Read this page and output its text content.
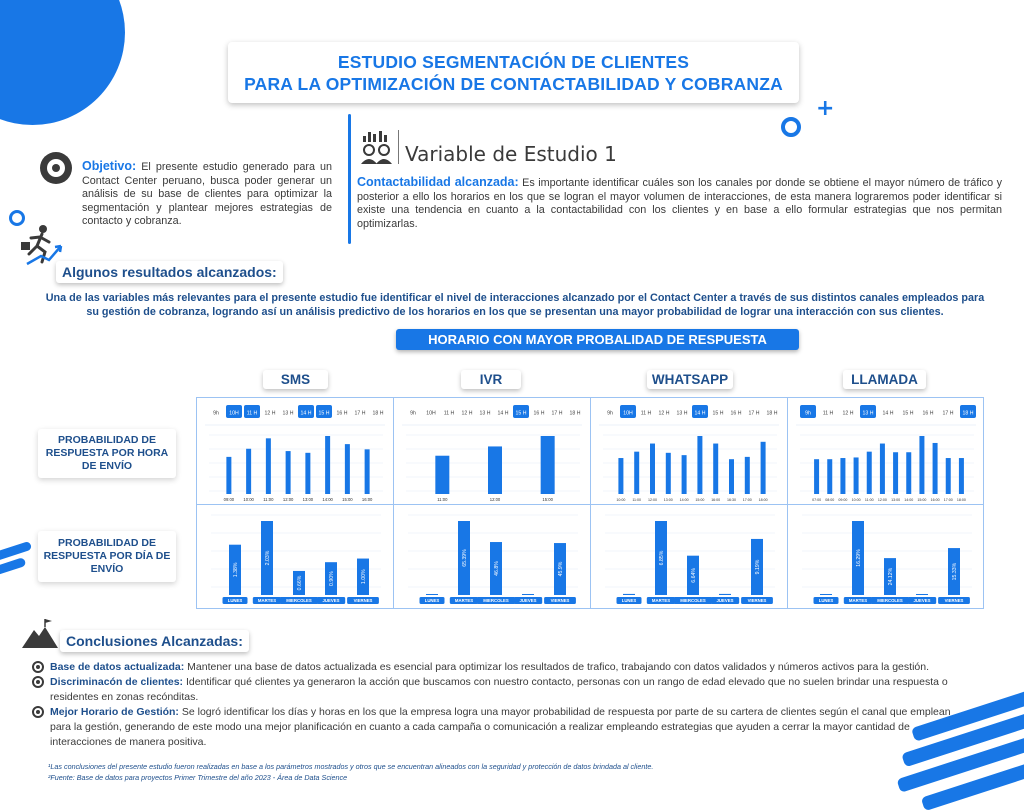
+
ESTUDIO SEGMENTACIÓN DE CLIENTES
PARA LA OPTIMIZACIÓN DE CONTACTABILIDAD Y COBRANZA
Objetivo: El presente estudio generado para un Contact Center peruano, busca poder generar un análisis de su base de clientes para optimizar la segmentación y plantear mejores estrategias de contacto y cobranza.
Variable de Estudio 1
Contactabilidad alcanzada: Es importante identificar cuáles son los canales por donde se obtiene el mayor número de tráfico y posterior a ello los horarios en los que se logran el mayor volumen de interacciones, de esta manera lograremos poder identificar si existe una tendencia en cuanto a la contactabilidad con los clientes y en base a ello formular estrategias que nos permitan optimizarlas.
Algunos resultados alcanzados:
Una de las variables más relevantes para el presente estudio fue identificar el nivel de interacciones alcanzado por el Contact Center a través de sus distintos canales empleados para su gestión de cobranza, logrando así un análisis predictivo de los horarios en los que se presentan una mayor probabilidad de lograr una interacción con sus clientes.
HORARIO CON MAYOR PROBALIDAD DE RESPUESTA
SMS	IVR	WHATSAPP	LLAMADA
PROBABILIDAD DE RESPUESTA POR HORA DE ENVÍO
PROBABILIDAD DE RESPUESTA POR DÍA DE ENVÍO
9h 10H 11 H 12 H 13 H 14 H 15 H 16 H 17 H 18 H
09:00 10:00 11:00 12:00 13:00 14:00 15:00 16:00
1.38%
LUNES
2.03%
MARTES
0.66%
MIERCOLES
0.90%
JUEVES
1.00%
VIERNES
9h 10H 11 H 12 H 13 H 14 H 15 H 16 H 17 H 18 H
11:00	12:00	15:00
LUNES
65.39%
MARTES
46.8%
MIERCOLES JUEVES
45.9%
VIERNES
9h 10H 11 H 12 H 13 H 14 H 15 H 16 H 17 H 18 H
10:00 11:00 12:00 13:00 14:00 15:00 16:00 16:30 17:00 18:00
LUNES
6.85%
MARTES
6.64%
MIERCOLES JUEVES
9.19%
VIERNES
9h 11 H 12 H 13 H 14 H 15 H 16 H 17 H 18 H
07:00 08:00 09:00 10:00 11:00 12:00 13:00 14:00 15:00 16:00 17:00 18:00
LUNES
16.29%
MARTES
24.12%
MIERCOLES JUEVES
15.33%
VIERNES
Conclusiones Alcanzadas:
Base de datos actualizada: Mantener una base de datos actualizada es esencial para optimizar los resultados de trafico, trabajando con datos validados y números activos para la gestión.
Discriminacón de clientes: Identificar qué clientes ya generaron la acción que buscamos con nuestro contacto, personas con un rango de edad elevado que no suelen brindar una respuesta o residentes en zonas recónditas.
Mejor Horario de Gestión: Se logró identificar los días y horas en los que la empresa logra una mayor probabilidad de respuesta por parte de su cartera de clientes según el canal que emplean para la gestión, generando de este modo una mejor planificación en cuanto a cada campaña o comunicación a realizar empleando estrategias que ayuden a cerrar la mayor cantidad de interacciones de manera positiva.
¹Las conclusiones del presente estudio fueron realizadas en base a los parámetros mostrados y otros que se encuentran alineados con la seguridad y protección de datos brindada al cliente.
²Fuente: Base de datos para proyectos Primer Trimestre del año 2023 - Área de Data Science
